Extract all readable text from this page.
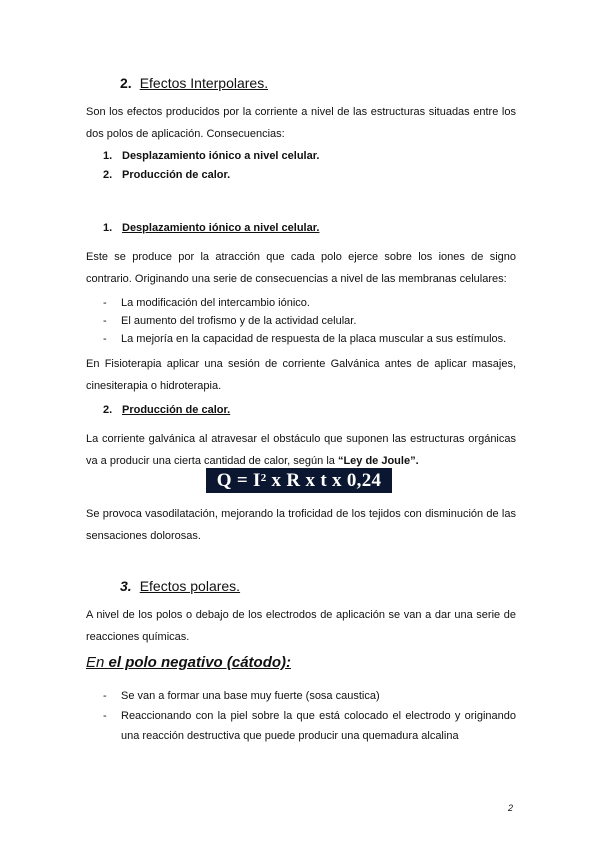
2. Efectos Interpolares.

Son los efectos producidos por la corriente a nivel de las estructuras situadas entre los dos polos de aplicación. Consecuencias:

1. Desplazamiento iónico a nivel celular.
2. Producción de calor.
1. Desplazamiento iónico a nivel celular.

Este se produce por la atracción que cada polo ejerce sobre los iones de signo contrario. Originando una serie de consecuencias a nivel de las membranas celulares:

- La modificación del intercambio iónico.
- El aumento del trofismo y de la actividad celular.
- La mejoría en la capacidad de respuesta de la placa muscular a sus estímulos.

En Fisioterapia aplicar una sesión de corriente Galvánica antes de aplicar masajes, cinesiterapia o hidroterapia.

2. Producción de calor.

La corriente galvánica al atravesar el obstáculo que suponen las estructuras orgánicas va a producir una cierta cantidad de calor, según la “Ley de Joule”.

$Q = I^2$ x R x t x 0,24

Se provoca vasodilatación, mejorando la troficidad de los tejidos con disminución de las sensaciones dolorosas.

3. Efectos polares.

A nivel de los polos o debajo de los electrodos de aplicación se van a dar una serie de reacciones químicas.

En el polo negativo (cátodo):
- Se van a formar una base muy fuerte (sosa caustica)
- Reaccionando con la piel sobre la que está colocado el electrodo y originando una reacción destructiva que puede producir una quemadura alcalina
2
